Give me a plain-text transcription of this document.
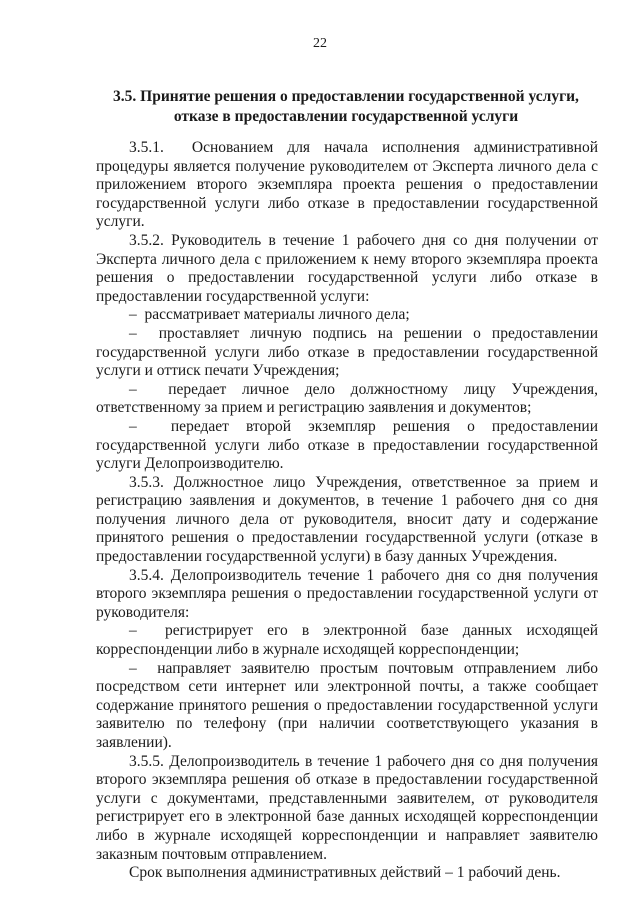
22
3.5. Принятие решения о предоставлении государственной услуги,
отказе в предоставлении государственной услуги

3.5.1.  Основанием для начала исполнения административной процедуры является получение руководителем от Эксперта личного дела с приложением второго экземпляра проекта решения о предоставлении государственной услуги либо отказе в предоставлении государственной услуги.

3.5.2. Руководитель в течение 1 рабочего дня со дня получении от Эксперта личного дела с приложением к нему второго экземпляра проекта решения о предоставлении государственной услуги либо отказе в предоставлении государственной услуги:

–  рассматривает материалы личного дела;

–  проставляет личную подпись на решении о предоставлении государственной услуги либо отказе в предоставлении государственной услуги и оттиск печати Учреждения;

–  передает личное дело должностному лицу Учреждения, ответственному за прием и регистрацию заявления и документов;

–  передает второй экземпляр решения о предоставлении государственной услуги либо отказе в предоставлении государственной услуги Делопроизводителю.

3.5.3. Должностное лицо Учреждения, ответственное за прием и регистрацию заявления и документов, в течение 1 рабочего дня со дня получения личного дела от руководителя, вносит дату и содержание принятого решения о предоставлении государственной услуги (отказе в предоставлении государственной услуги) в базу данных Учреждения.

3.5.4. Делопроизводитель течение 1 рабочего дня со дня получения второго экземпляра решения о предоставлении государственной услуги от руководителя:

–  регистрирует его в электронной базе данных исходящей корреспонденции либо в журнале исходящей корреспонденции;

–  направляет заявителю простым почтовым отправлением либо посредством сети интернет или электронной почты, а также сообщает содержание принятого решения о предоставлении государственной услуги заявителю по телефону (при наличии соответствующего указания в заявлении).

3.5.5. Делопроизводитель в течение 1 рабочего дня со дня получения второго экземпляра решения об отказе в предоставлении государственной услуги с документами, представленными заявителем, от руководителя регистрирует его в электронной базе данных исходящей корреспонденции либо в журнале исходящей корреспонденции и направляет заявителю заказным почтовым отправлением.

Срок выполнения административных действий – 1 рабочий день.
